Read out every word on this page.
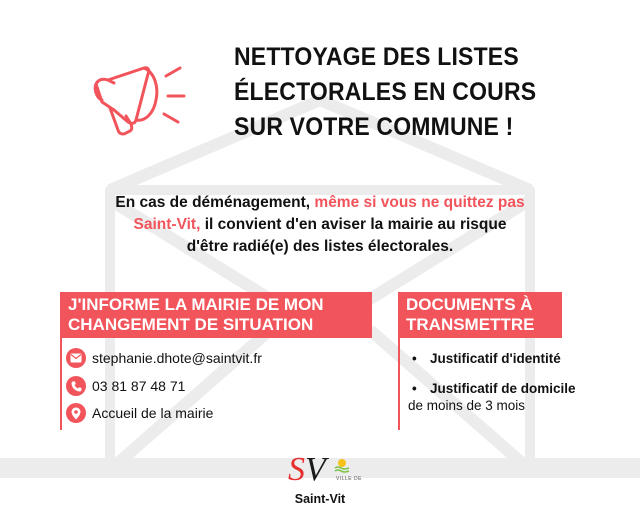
NETTOYAGE DES LISTES
ÉLECTORALES EN COURS
SUR VOTRE COMMUNE !
En cas de déménagement, même si vous ne quittez pas
Saint-Vit, il convient d'en aviser la mairie au risque
d'être radié(e) des listes électorales.
J'INFORME LA MAIRIE DE MON
CHANGEMENT DE SITUATION
stephanie.dhote@saintvit.fr
03 81 87 48 71
Accueil de la mairie
DOCUMENTS À
TRANSMETTRE
• Justificatif d'identité
• Justificatif de domicile
de moins de 3 mois
SV VILLE DE
Saint-Vit
